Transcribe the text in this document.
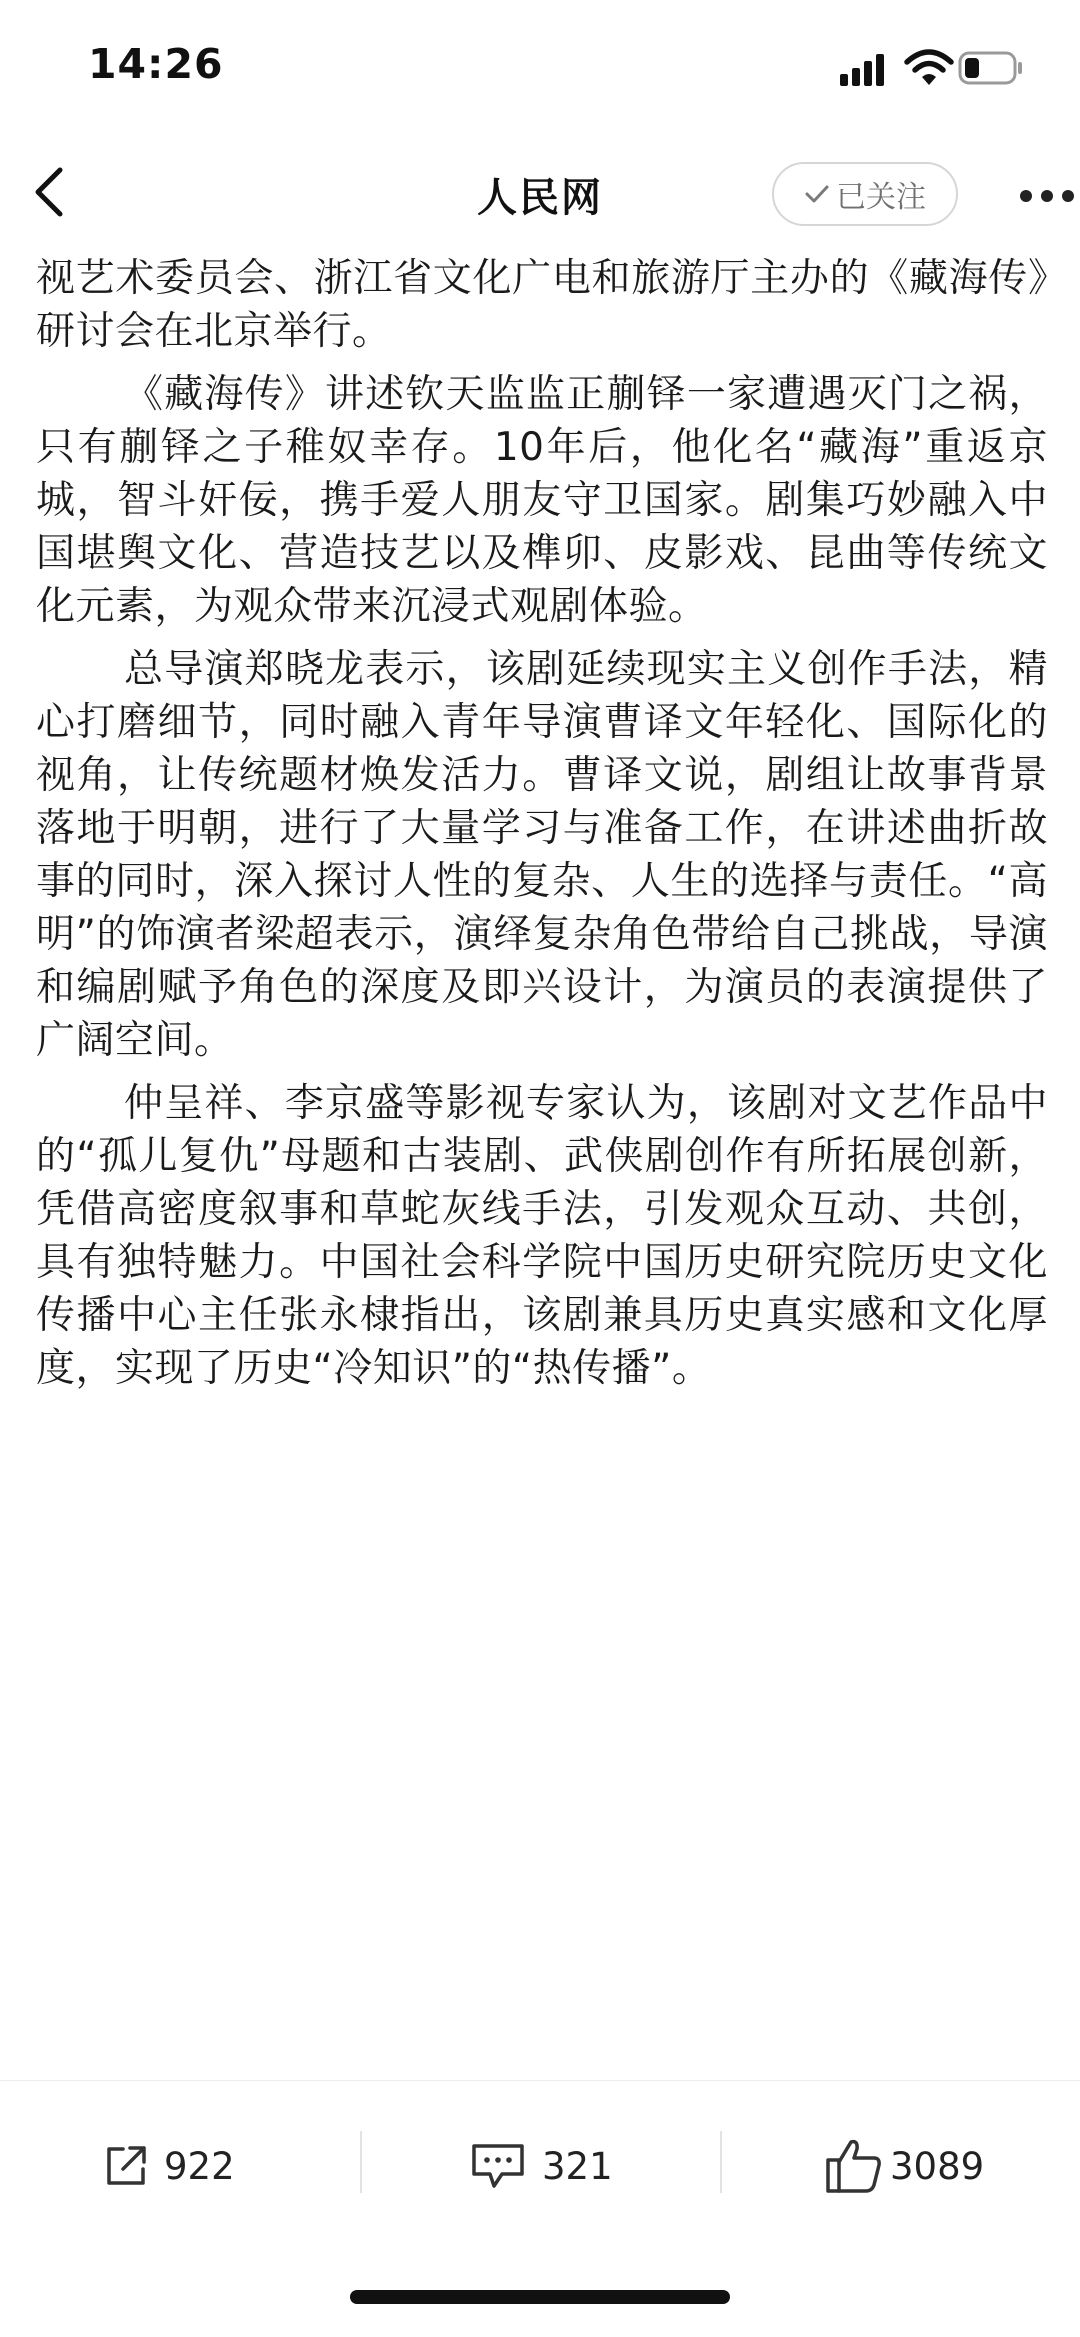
14:26
人民网	已关注

视艺术委员会、浙江省文化广电和旅游厅主办的《藏海传》研讨会在北京举行。

《藏海传》讲述钦天监监正蒯铎一家遭遇灭门之祸，只有蒯铎之子稚奴幸存。10年后，他化名“藏海”重返京城，智斗奸佞，携手爱人朋友守卫国家。剧集巧妙融入中国堪舆文化、营造技艺以及榫卯、皮影戏、昆曲等传统文化元素，为观众带来沉浸式观剧体验。

总导演郑晓龙表示，该剧延续现实主义创作手法，精心打磨细节，同时融入青年导演曹译文年轻化、国际化的视角，让传统题材焕发活力。曹译文说，剧组让故事背景落地于明朝，进行了大量学习与准备工作，在讲述曲折故事的同时，深入探讨人性的复杂、人生的选择与责任。“高明”的饰演者梁超表示，演绎复杂角色带给自己挑战，导演和编剧赋予角色的深度及即兴设计，为演员的表演提供了广阔空间。

仲呈祥、李京盛等影视专家认为，该剧对文艺作品中的“孤儿复仇”母题和古装剧、武侠剧创作有所拓展创新，凭借高密度叙事和草蛇灰线手法，引发观众互动、共创，具有独特魅力。中国社会科学院中国历史研究院历史文化传播中心主任张永棣指出，该剧兼具历史真实感和文化厚度，实现了历史“冷知识”的“热传播”。

922	321	3089
